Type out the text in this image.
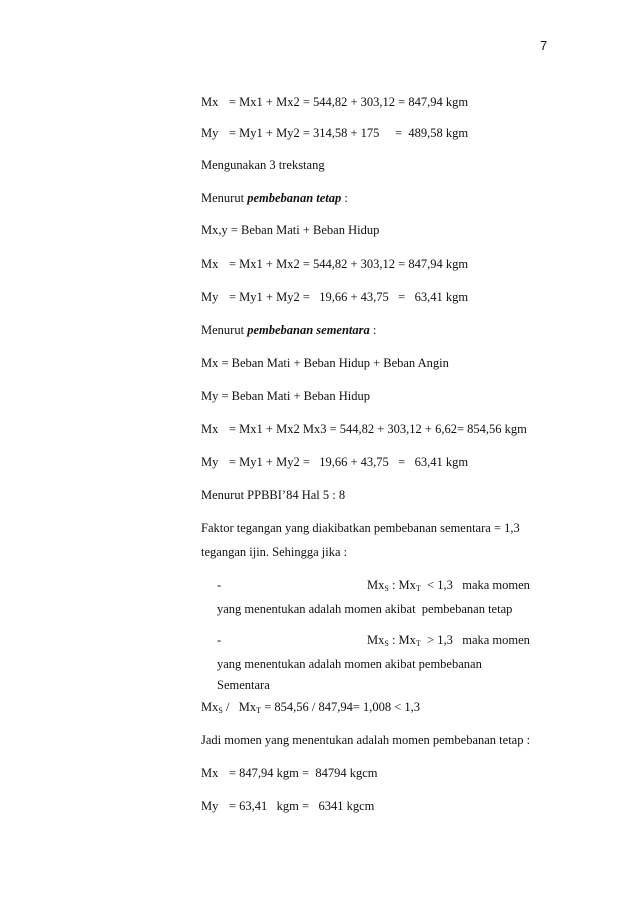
7
Mx = Mx1 + Mx2 = 544,82 + 303,12 = 847,94 kgm
My = My1 + My2 = 314,58 + 175     =  489,58 kgm
Mengunakan 3 trekstang
Menurut pembebanan tetap :
Mx,y = Beban Mati + Beban Hidup
Mx = Mx1 + Mx2 = 544,82 + 303,12 = 847,94 kgm
My = My1 + My2 =   19,66 + 43,75   =   63,41 kgm
Menurut pembebanan sementara :
Mx = Beban Mati + Beban Hidup + Beban Angin
My = Beban Mati + Beban Hidup
Mx = Mx1 + Mx2 Mx3 = 544,82 + 303,12 + 6,62= 854,56 kgm
My = My1 + My2 =   19,66 + 43,75   =   63,41 kgm
Menurut PPBBI’84 Hal 5 : 8
Faktor tegangan yang diakibatkan pembebanan sementara = 1,3
tegangan ijin. Sehingga jika :
-	$Mx_S$ : $Mx_T < 1,3$   maka momen
yang menentukan adalah momen akibat  pembebanan tetap
-	$Mx_S$ : $Mx_T > 1,3$   maka momen
yang menentukan adalah momen akibat pembebanan
Sementara
$Mx_S / Mx_T = 854,56 / 847,94= 1,008 < 1,3$
Jadi momen yang menentukan adalah momen pembebanan tetap :
Mx = 847,94 kgm =  84794 kgcm
My = 63,41   kgm =   6341 kgcm
